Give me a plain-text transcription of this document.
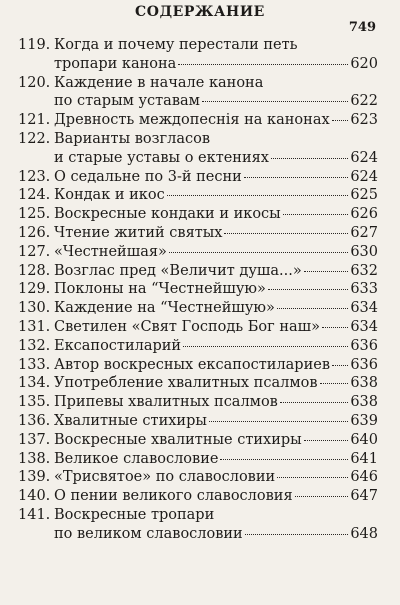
СОДЕРЖАНИЕ
749
119. Когда и почему перестали петь
тропари канона	620
120. Каждение в начале канона
по старым уставам	622
121. Древность междопеснія на канонах 623
122. Варианты возгласов
и старые уставы о ектениях	624
123. О седальне по 3-й песни	624
124. Кондак и икос	625
125. Воскресные кондаки и икосы	626
126. Чтение житий святых	627
127. «Честнейшая»	630
128. Возглас пред «Величит душа...»	632
129. Поклоны на “Честнейшую»	633
130. Каждение на “Честнейшую»	634
131. Светилен «Свят Господь Бог наш» 634
132. Ексапостиларий	636
133. Автор воскресных ексапостилариев 636
134. Употребление хвалитных псалмов 638
135. Припевы хвалитных псалмов	638
136. Хвалитные стихиры	639
137. Воскресные хвалитные стихиры	640
138. Великое славословие	641
139. «Трисвятое» по славословии	646
140. О пении великого славословия	647
141. Воскресные тропари
по великом славословии	648
